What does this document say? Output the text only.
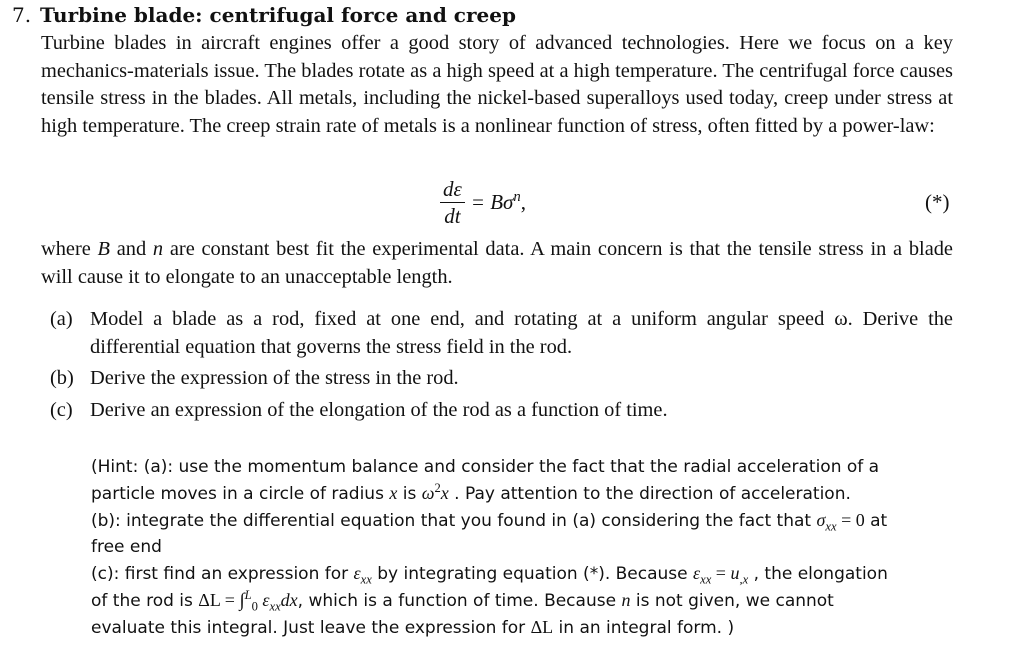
7. Turbine blade: centrifugal force and creep

Turbine blades in aircraft engines offer a good story of advanced technologies. Here we focus on a key mechanics-materials issue. The blades rotate as a high speed at a high temperature. The centrifugal force causes tensile stress in the blades. All metals, including the nickel-based superalloys used today, creep under stress at high temperature. The creep strain rate of metals is a nonlinear function of stress, often fitted by a power-law:

$\frac{d\varepsilon}{dt} = B\sigma^n$,	(*)

where B and n are constant best fit the experimental data. A main concern is that the tensile stress in a blade will cause it to elongate to an unacceptable length.

(a) Model a blade as a rod, fixed at one end, and rotating at a uniform angular speed ω. Derive the differential equation that governs the stress field in the rod.
(b) Derive the expression of the stress in the rod.
(c) Derive an expression of the elongation of the rod as a function of time.
(Hint: (a): use the momentum balance and consider the fact that the radial acceleration of a
particle moves in a circle of radius x is $\omega^2x$ . Pay attention to the direction of acceleration.
(b): integrate the differential equation that you found in (a) considering the fact that $\sigma_{xx} = 0$ at
free end
(c): first find an expression for $\varepsilon_{xx}$ by integrating equation (*). Because $\varepsilon_{xx} = u_{,x}$ , the elongation
of the rod is ΔL = ∫$^L_0$ $\varepsilon_{xx}dx$, which is a function of time. Because n is not given, we cannot
evaluate this integral. Just leave the expression for ΔL in an integral form. )
